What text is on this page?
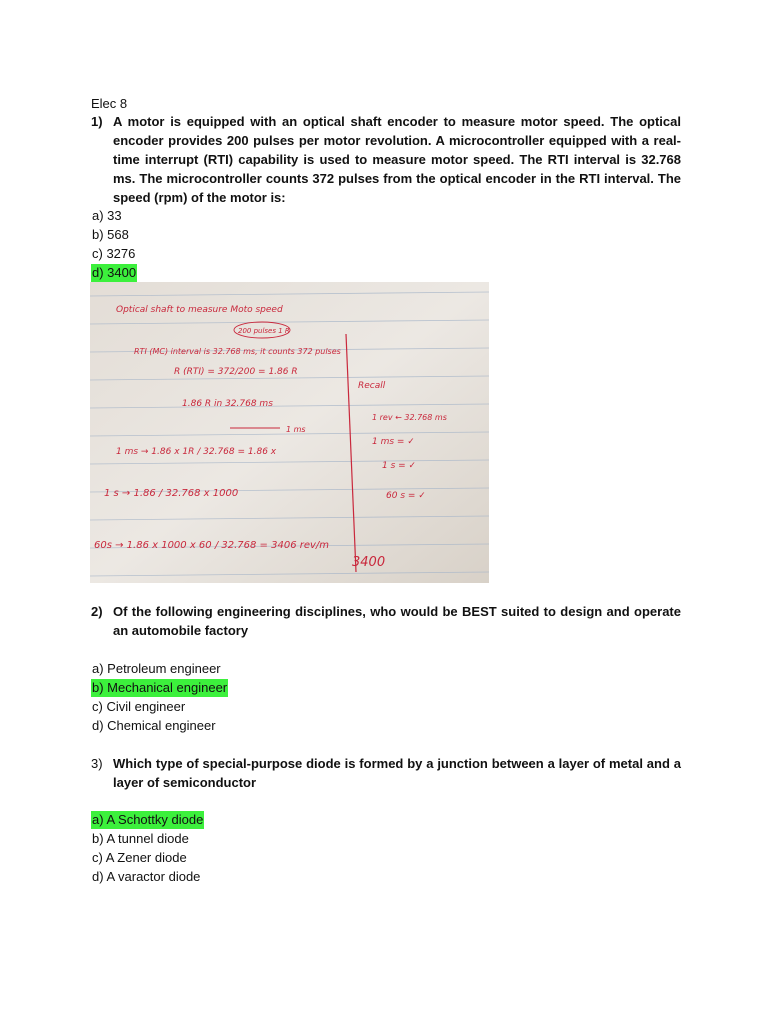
Elec 8
1) A motor is equipped with an optical shaft encoder to measure motor speed. The optical encoder provides 200 pulses per motor revolution. A microcontroller equipped with a real-time interrupt (RTI) capability is used to measure motor speed. The RTI interval is 32.768 ms. The microcontroller counts 372 pulses from the optical encoder in the RTI interval. The speed (rpm) of the motor is:
a) 33
b) 568
c) 3276
d) 3400
Optical shaft to measure Moto speed
200 pulses 1 R
RTI (MC) interval is 32.768 ms, it counts 372 pulses
R (RTI) = 372/200 = 1.86 R
1.86 R in 32.768 ms
1 ms
1 ms → 1.86 x 1R / 32.768 = 1.86 x
1 s → 1.86 / 32.768 x 1000
60s → 1.86 x 1000 x 60 / 32.768 = 3406 rev/m
3400
Recall
1 rev ← 32.768 ms
1 ms = ✓
1 s = ✓
60 s = ✓
2) Of the following engineering disciplines, who would be BEST suited to design and operate an automobile factory
a) Petroleum engineer
b) Mechanical engineer
c) Civil engineer
d) Chemical engineer
3) Which type of special-purpose diode is formed by a junction between a layer of metal and a layer of semiconductor
a) A Schottky diode
b) A tunnel diode
c) A Zener diode
d) A varactor diode
